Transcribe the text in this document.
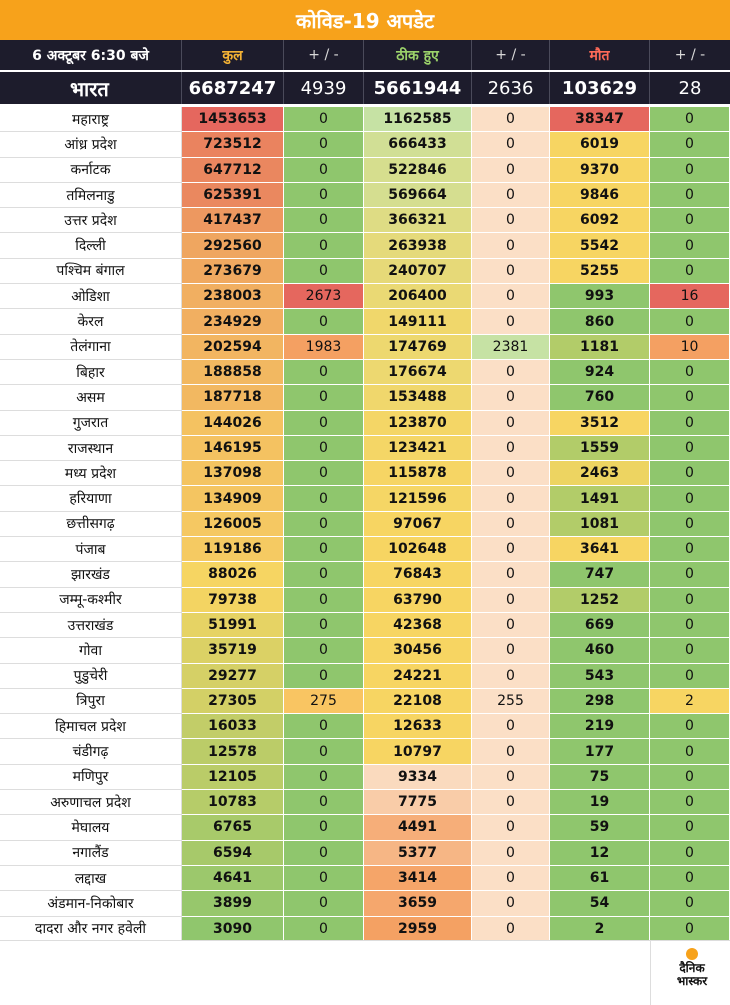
कोविड-19 अपडेट
6 अक्टूबर 6:30 बजे	कुल	+ / -	ठीक हुए	+ / -	मौत	+ / -
भारत	6687247	4939	5661944	2636	103629	28
महाराष्ट्र	1453653	0	1162585	0	38347	0
आंध्र प्रदेश	723512	0	666433	0	6019	0
कर्नाटक	647712	0	522846	0	9370	0
तमिलनाडु	625391	0	569664	0	9846	0
उत्तर प्रदेश	417437	0	366321	0	6092	0
दिल्ली	292560	0	263938	0	5542	0
पश्चिम बंगाल	273679	0	240707	0	5255	0
ओडिशा	238003	2673	206400	0	993	16
केरल	234929	0	149111	0	860	0
तेलंगाना	202594	1983	174769	2381	1181	10
बिहार	188858	0	176674	0	924	0
असम	187718	0	153488	0	760	0
गुजरात	144026	0	123870	0	3512	0
राजस्थान	146195	0	123421	0	1559	0
मध्य प्रदेश	137098	0	115878	0	2463	0
हरियाणा	134909	0	121596	0	1491	0
छत्तीसगढ़	126005	0	97067	0	1081	0
पंजाब	119186	0	102648	0	3641	0
झारखंड	88026	0	76843	0	747	0
जम्मू-कश्मीर	79738	0	63790	0	1252	0
उत्तराखंड	51991	0	42368	0	669	0
गोवा	35719	0	30456	0	460	0
पुडुचेरी	29277	0	24221	0	543	0
त्रिपुरा	27305	275	22108	255	298	2
हिमाचल प्रदेश	16033	0	12633	0	219	0
चंडीगढ़	12578	0	10797	0	177	0
मणिपुर	12105	0	9334	0	75	0
अरुणाचल प्रदेश	10783	0	7775	0	19	0
मेघालय	6765	0	4491	0	59	0
नगालैंड	6594	0	5377	0	12	0
लद्दाख	4641	0	3414	0	61	0
अंडमान-निकोबार	3899	0	3659	0	54	0
दादरा और नगर हवेली	3090	0	2959	0	2	0
दैनिक
भास्कर
